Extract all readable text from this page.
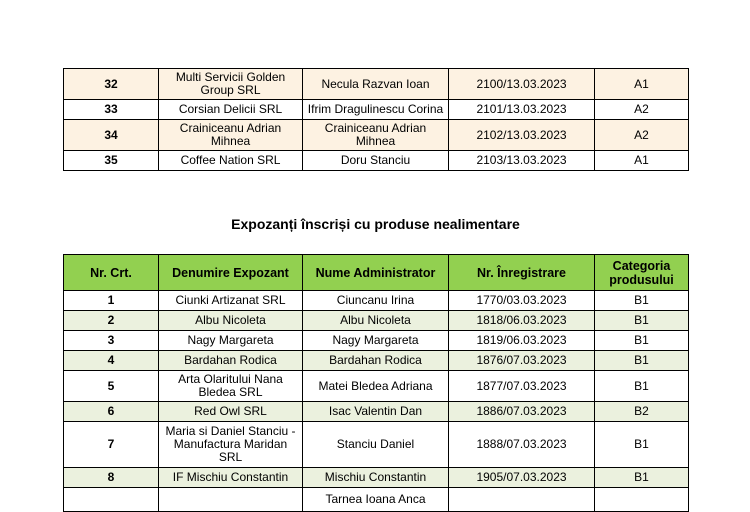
32	Multi Servicii Golden Group SRL	Necula Razvan Ioan	2100/13.03.2023	A1
33	Corsian Delicii SRL	Ifrim Dragulinescu Corina	2101/13.03.2023	A2
34	Crainiceanu Adrian Mihnea	Crainiceanu Adrian Mihnea	2102/13.03.2023	A2
35	Coffee Nation SRL	Doru Stanciu	2103/13.03.2023	A1
Expozanți înscriși cu produse nealimentare
Nr. Crt.	Denumire Expozant	Nume Administrator	Nr. Înregistrare	Categoria produsului
1	Ciunki Artizanat SRL	Ciuncanu Irina	1770/03.03.2023	B1
2	Albu Nicoleta	Albu Nicoleta	1818/06.03.2023	B1
3	Nagy Margareta	Nagy Margareta	1819/06.03.2023	B1
4	Bardahan Rodica	Bardahan Rodica	1876/07.03.2023	B1
5	Arta Olaritului Nana Bledea SRL	Matei Bledea Adriana	1877/07.03.2023	B1
6	Red Owl SRL	Isac Valentin Dan	1886/07.03.2023	B2
7	Maria si Daniel Stanciu - Manufactura Maridan SRL	Stanciu Daniel	1888/07.03.2023	B1
8	IF Mischiu Constantin	Mischiu Constantin	1905/07.03.2023	B1
		Tarnea Ioana Anca		
